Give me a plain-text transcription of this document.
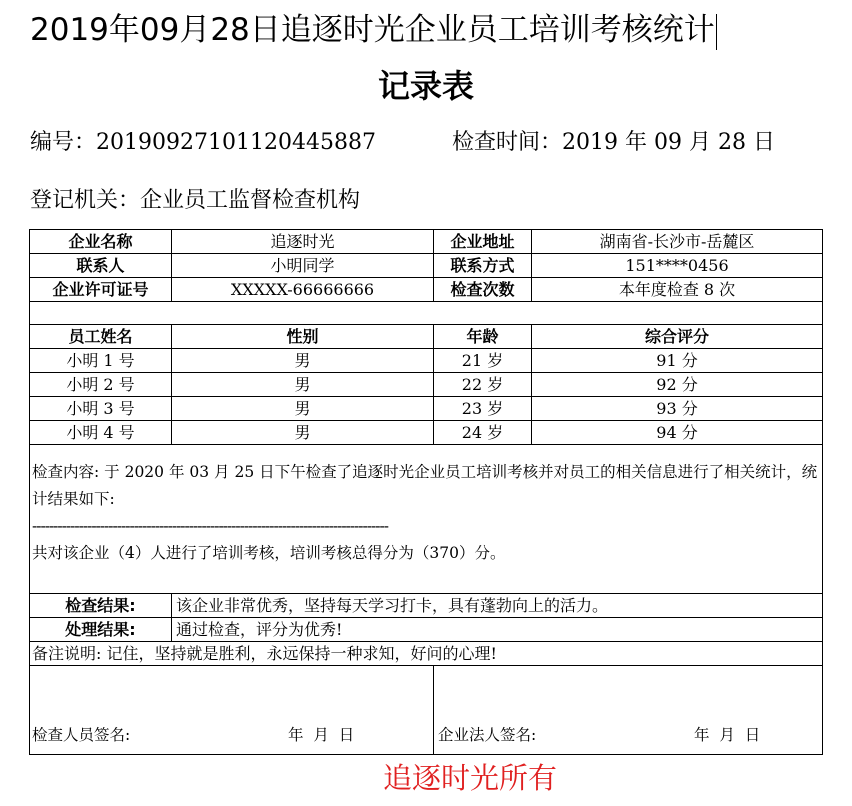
2019年09月28日追逐时光企业员工培训考核统计
记录表
编号：20190927101120445887	检查时间：2019 年 09 月 28 日
登记机关：企业员工监督检查机构
企业名称	追逐时光	企业地址	湖南省-长沙市-岳麓区
联系人	小明同学	联系方式	151****0456
企业许可证号	XXXXX-66666666	检查次数	本年度检查 8 次

员工姓名	性别	年龄	综合评分
小明 1 号	男	21 岁	91 分
小明 2 号	男	22 岁	92 分
小明 3 号	男	23 岁	93 分
小明 4 号	男	24 岁	94 分

检查内容: 于 2020 年 03 月 25 日下午检查了追逐时光企业员工培训考核并对员工的相关信息进行了相关统计，统计结果如下:

------------------------------------------------------------------------------------

共对该企业（4）人进行了培训考核，培训考核总得分为（370）分。			

检查结果:	该企业非常优秀，坚持每天学习打卡，具有蓬勃向上的活力。		
处理结果:	通过检查，评分为优秀!		
备注说明: 记住，坚持就是胜利，永远保持一种求知，好问的心理!			

检查人员签名: 年  月  日		企业法人签名: 年  月  日	
追逐时光所有
